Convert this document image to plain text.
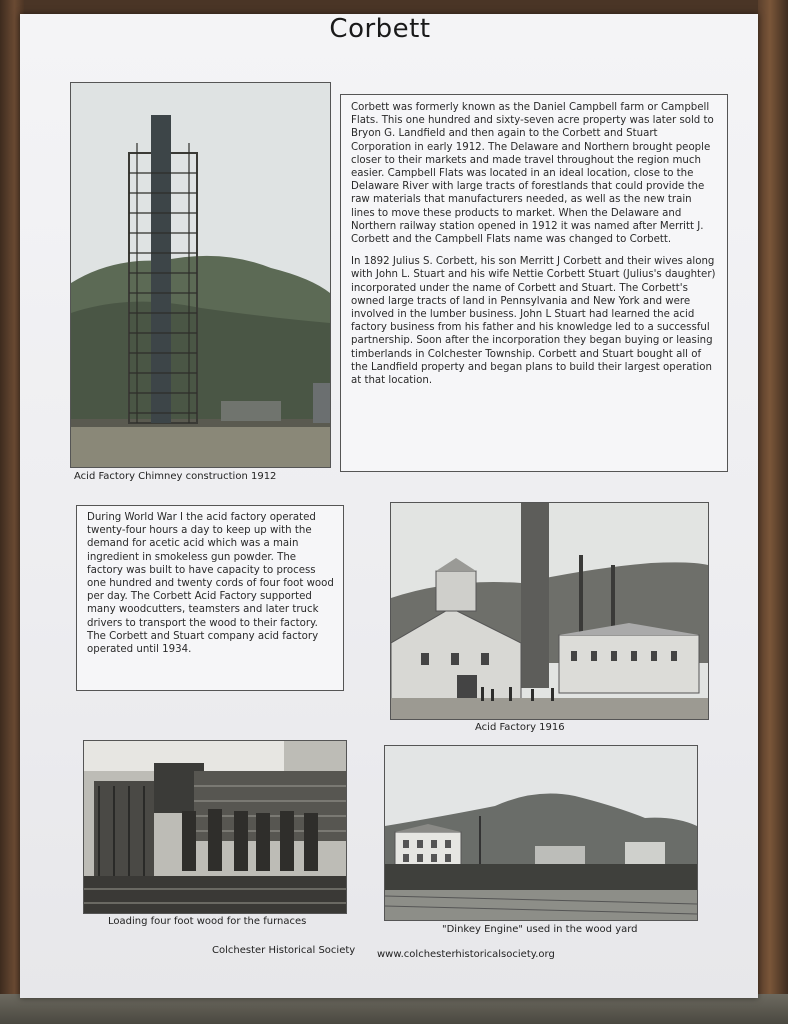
Corbett
Acid Factory Chimney construction 1912

Corbett was formerly known as the Daniel Campbell farm or Campbell Flats. This one hundred and sixty-seven acre property was later sold to Bryon G. Landfield and then again to the Corbett and Stuart Corporation in early 1912. The Delaware and Northern brought people closer to their markets and made travel throughout the region much easier. Campbell Flats was located in an ideal location, close to the Delaware River with large tracts of forestlands that could provide the raw materials that manufacturers needed, as well as the new train lines to move these products to market. When the Delaware and Northern railway station opened in 1912 it was named after Merritt J. Corbett and the Campbell Flats name was changed to Corbett.

In 1892 Julius S. Corbett, his son Merritt J Corbett and their wives along with John L. Stuart and his wife Nettie Corbett Stuart (Julius's daughter) incorporated under the name of Corbett and Stuart. The Corbett's owned large tracts of land in Pennsylvania and New York and were involved in the lumber business. John L Stuart had learned the acid factory business from his father and his knowledge led to a successful partnership. Soon after the incorporation they began buying or leasing timberlands in Colchester Township. Corbett and Stuart bought all of the Landfield property and began plans to build their largest operation at that location.

During World War I the acid factory operated twenty-four hours a day to keep up with the demand for acetic acid which was a main ingredient in smokeless gun powder. The factory was built to have capacity to process one hundred and twenty cords of four foot wood per day. The Corbett Acid Factory supported many woodcutters, teamsters and later truck drivers to transport the wood to their factory.

The Corbett and Stuart company acid factory operated until 1934.

Acid Factory 1916
Loading four foot wood for the furnaces
"Dinkey Engine" used in the wood yard
Colchester Historical Society www.colchesterhistoricalsociety.org
